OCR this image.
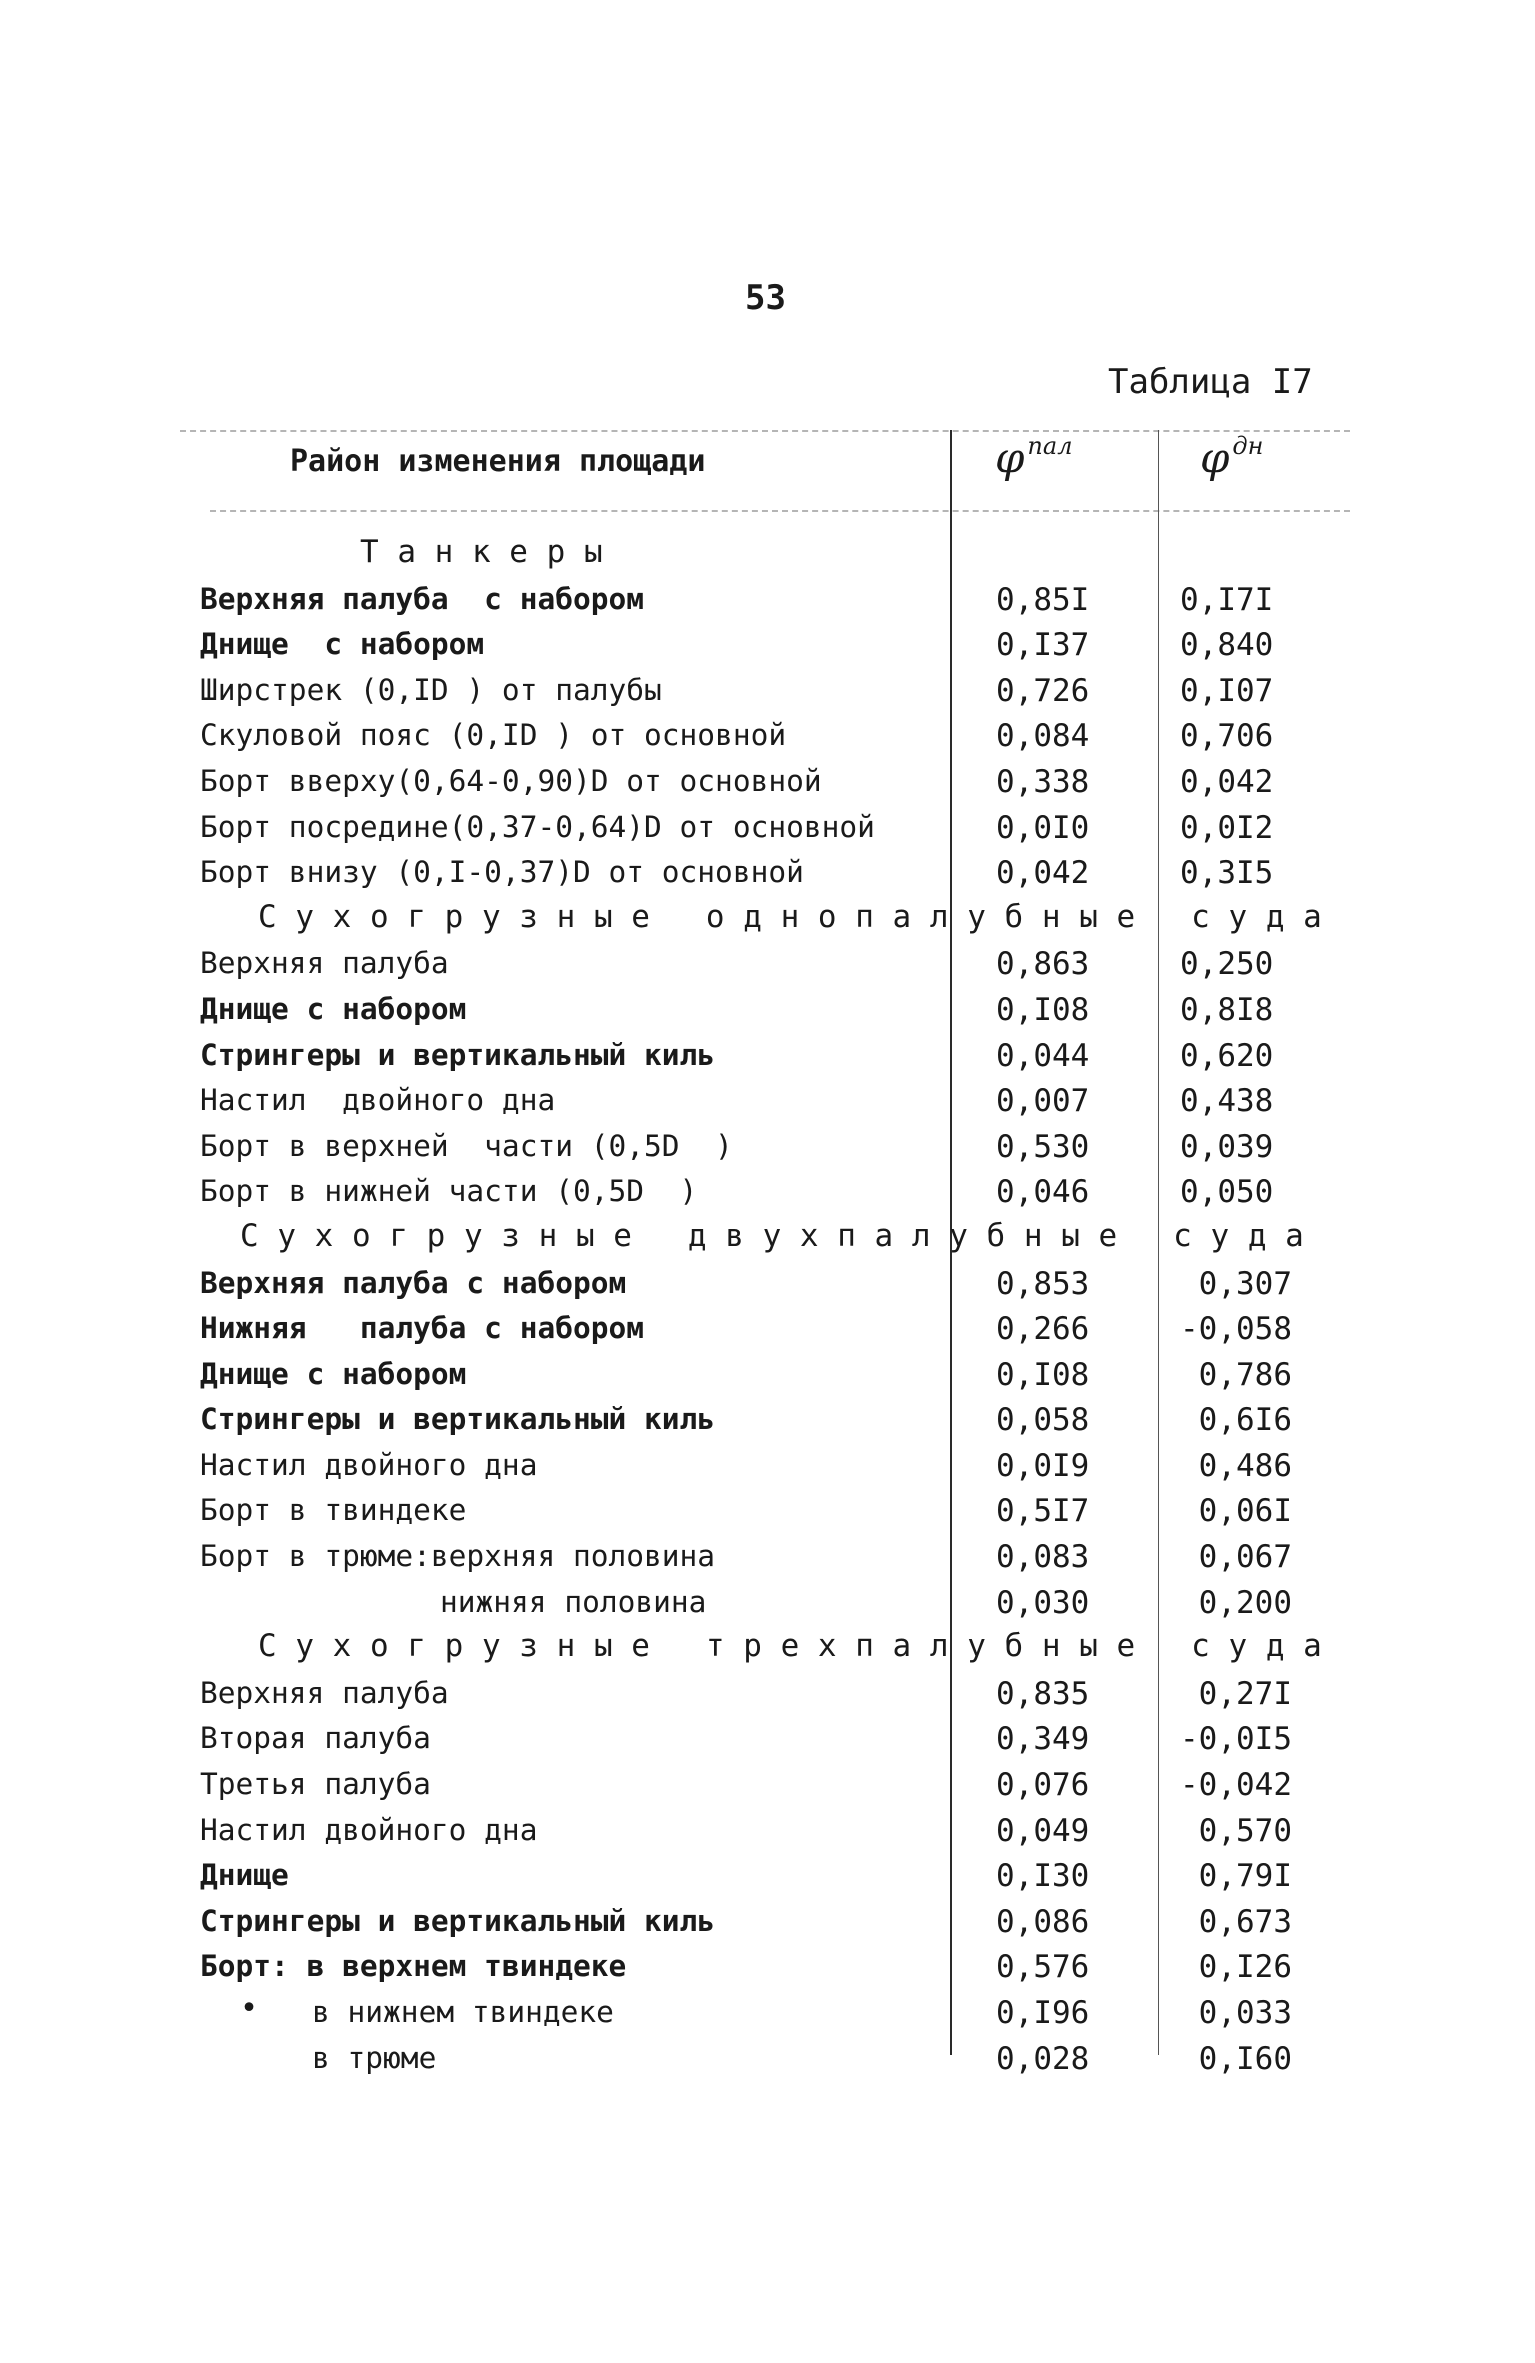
53
Таблица I7
Район изменения площади	φ $^{пал}$	φ $^{дн}$
Т а н к е р ы
Верхняя палуба  с набором	0,85I	0,I7I
Днище  с набором	0,I37	0,840
Ширстрек (0,ID ) от палубы	0,726	0,I07
Скуловой пояс (0,ID ) от основной	0,084	0,706
Борт вверху(0,64-0,90)D от основной	0,338	0,042
Борт посредине(0,37-0,64)D от основной	0,0I0	0,0I2
Борт внизу (0,I-0,37)D от основной	0,042	0,3I5
С у х о г р у з н ы е   о д н о п а л у б н ы е   с у д а
Верхняя палуба	0,863	0,250
Днище с набором	0,I08	0,8I8
Стрингеры и вертикальный киль	0,044	0,620
Настил  двойного дна	0,007	0,438
Борт в верхней  части (0,5D  )	0,530	0,039
Борт в нижней части (0,5D  )	0,046	0,050
С у х о г р у з н ы е   д в у х п а л у б н ы е   с у д а
Верхняя палуба с набором	0,853	0,307
Нижняя   палуба с набором	0,266	-0,058
Днище с набором	0,I08	0,786
Стрингеры и вертикальный киль	0,058	0,6I6
Настил двойного дна	0,0I9	0,486
Борт в твиндеке	0,5I7	0,06I
Борт в трюме:верхняя половина	0,083	0,067
нижняя половина	0,030	0,200
С у х о г р у з н ы е   т р е х п а л у б н ы е   с у д а
Верхняя палуба	0,835	0,27I
Вторая палуба	0,349	-0,0I5
Третья палуба	0,076	-0,042
Настил двойного дна	0,049	0,570
Днище	0,I30	0,79I
Стрингеры и вертикальный киль	0,086	0,673
Борт: в верхнем твиндеке	0,576	0,I26
• в нижнем твиндеке	0,I96	0,033
в трюме	0,028	0,I60
